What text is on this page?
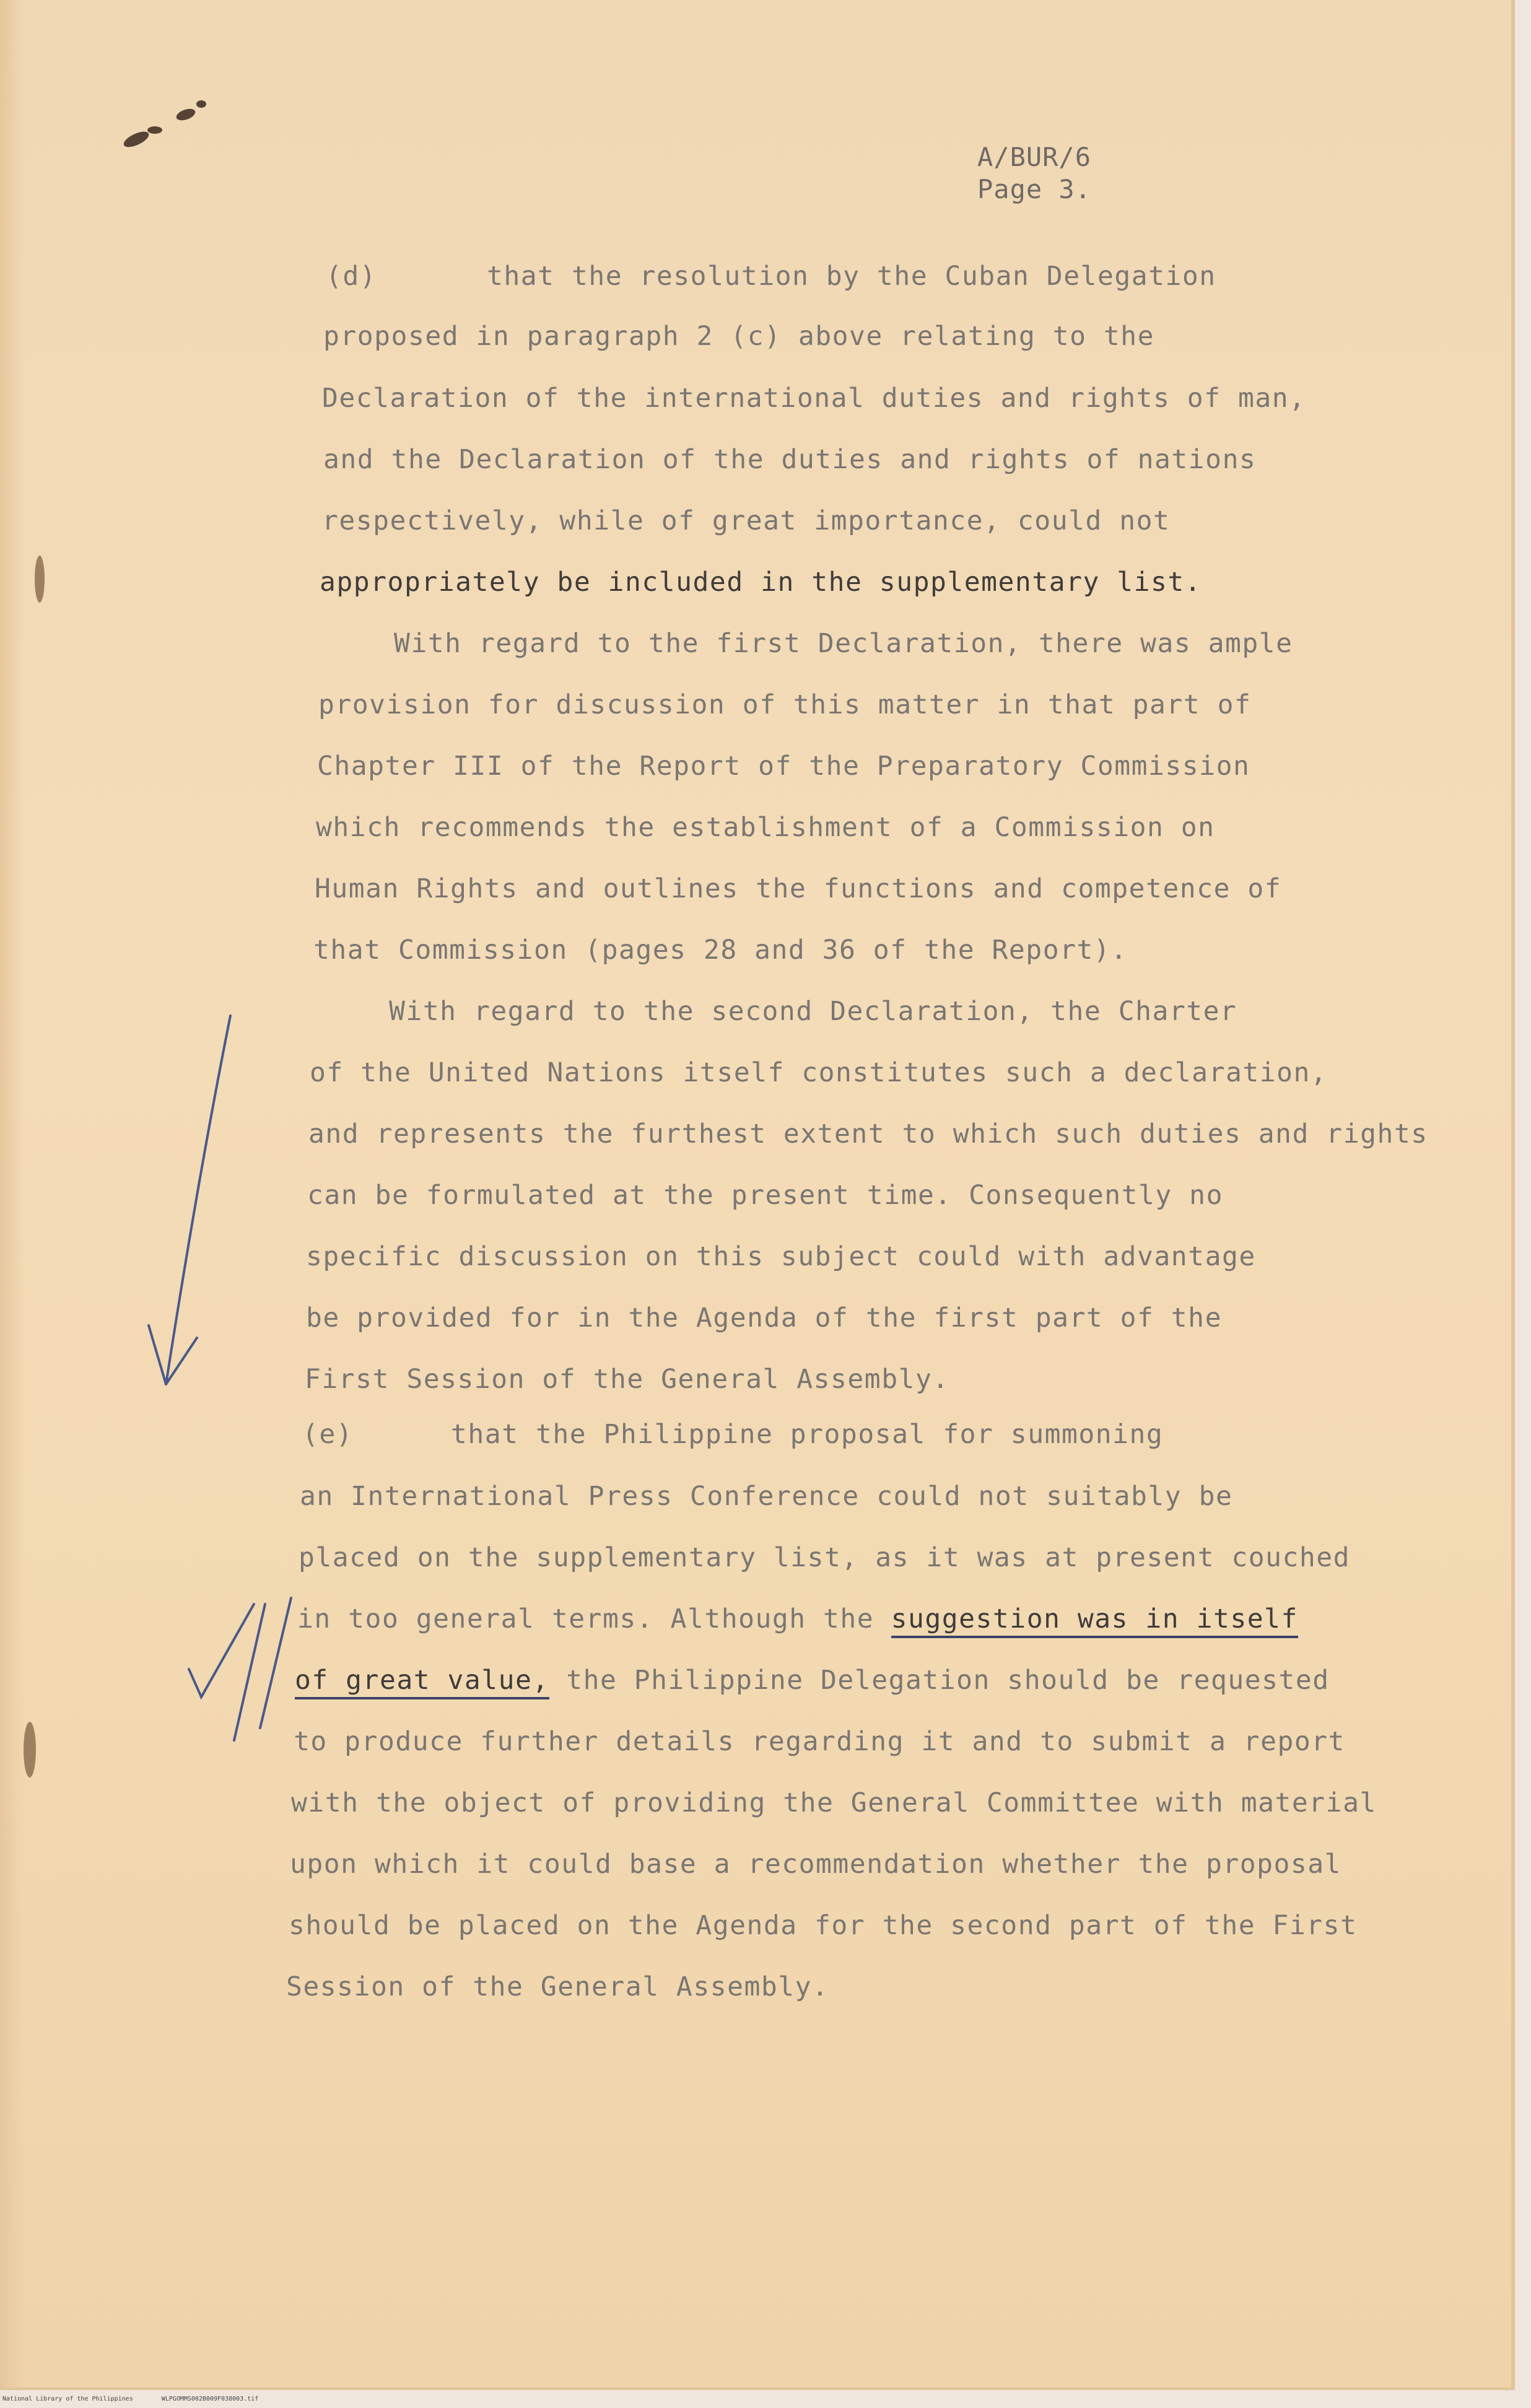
A/BUR/6
Page 3.
(d)	that the resolution by the Cuban Delegation
proposed in paragraph 2 (c) above relating to the
Declaration of the international duties and rights of man,
and the Declaration of the duties and rights of nations
respectively, while of great importance, could not
appropriately be included in the supplementary list.
With regard to the first Declaration, there was ample
provision for discussion of this matter in that part of
Chapter III of the Report of the Preparatory Commission
which recommends the establishment of a Commission on
Human Rights and outlines the functions and competence of
that Commission (pages 28 and 36 of the Report).
With regard to the second Declaration, the Charter
of the United Nations itself constitutes such a declaration,
and represents the furthest extent to which such duties and rights
can be formulated at the present time. Consequently no
specific discussion on this subject could with advantage
be provided for in the Agenda of the first part of the
First Session of the General Assembly.
(e)	that the Philippine proposal for summoning
an International Press Conference could not suitably be
placed on the supplementary list, as it was at present couched
in too general terms. Although the suggestion was in itself
of great value, the Philippine Delegation should be requested
to produce further details regarding it and to submit a report
with the object of providing the General Committee with material
upon which it could base a recommendation whether the proposal
should be placed on the Agenda for the second part of the First
Session of the General Assembly.
National Library of the Philippines	WLPGOMMS002B009F038003.tif
